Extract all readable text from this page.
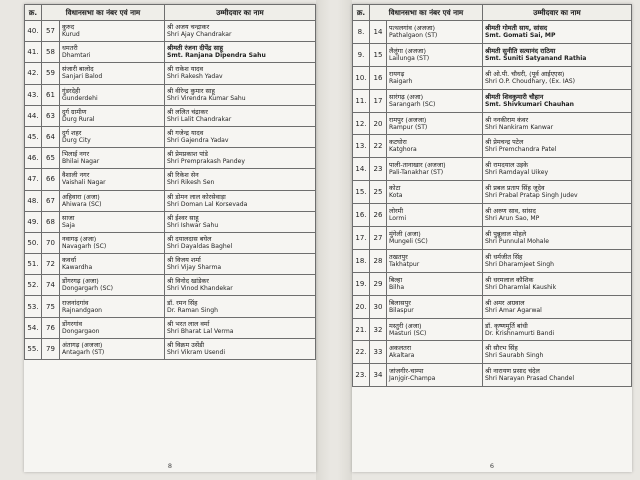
क्र.	विधानसभा का नंबर एवं नाम		उम्मीदवार का नाम
40.	57	कुरुद
Kurud	श्री अजय चन्द्राकर
Shri Ajay Chandrakar

41.	58	धमतरी
Dhamtari	श्रीमती रंजना दीपेंद्र साहू
Smt. Ranjana Dipendra Sahu

42.	59	संजारी बालोद
Sanjari Balod	श्री राकेश यादव
Shri Rakesh Yadav

43.	61	गुंडरदेही
Gunderdehi	श्री वीरेन्द्र कुमार साहू
Shri Virendra Kumar Sahu

44.	63	दुर्ग ग्रामीण
Durg Rural	श्री ललित चंद्राकर
Shri Lalit Chandrakar

45.	64	दुर्ग शहर
Durg City	श्री गजेन्द्र यादव
Shri Gajendra Yadav

46.	65	भिलाई नगर
Bhilai Nagar	श्री प्रेमप्रकाश पांडे
Shri Premprakash Pandey

47.	66	वैशाली नगर
Vaishali Nagar	श्री रिकेश सेन
Shri Rikesh Sen

48.	67	अहिवारा (अजा)
Ahiwara (SC)	श्री डोमन लाल कोरसेवाड़ा
Shri Doman Lal Korsevada

49.	68	साजा
Saja	श्री ईश्वर साहू
Shri Ishwar Sahu

50.	70	नवागढ़ (अजा)
Navagarh (SC)	श्री दयालदास बघेल
Shri Dayaldas Baghel

51.	72	कवर्धा
Kawardha	श्री विजय शर्मा
Shri Vijay Sharma

52.	74	डोंगरगढ़ (अजा)
Dongargarh (SC)	श्री विनोद खांडेकर
Shri Vinod Khandekar

53.	75	राजनांदगांव
Rajnandgaon	डॉ. रमन सिंह
Dr. Raman Singh

54.	76	डोंगरगांव
Dongargaon	श्री भरत लाल वर्मा
Shri Bharat Lal Verma

55.	79	अंतागढ़ (अजजा)
Antagarh (ST)	श्री विक्रम उसेंडी
Shri Vikram Usendi
8
क्र.	विधानसभा का नंबर एवं नाम		उम्मीदवार का नाम
8.	14	पत्थलगांव (अजजा)
Pathalgaon (ST)	श्रीमती गोमती साय, सांसद
Smt. Gomati Sai, MP

9.	15	लैलूंगा (अजजा)
Lailunga (ST)	श्रीमती सुनीति सत्यानंद राठिया
Smt. Suniti Satyanand Rathia

10.	16	रायगढ़
Raigarh	श्री ओ.पी. चौधरी, (पूर्व आईएएस)
Shri O.P. Choudhary, (Ex. IAS)

11.	17	सारंगढ़ (अजा)
Sarangarh (SC)	श्रीमती शिवकुमारी चौहान
Smt. Shivkumari Chauhan

12.	20	रामपुर (अजजा)
Rampur (ST)	श्री ननकीराम कंवर
Shri Nankiram Kanwar

13.	22	कटघोरा
Katghora	श्री प्रेमचन्द्र पटेल
Shri Premchandra Patel

14.	23	पाली-तानाखार (अजजा)
Pali-Tanakhar (ST)	श्री रामदयाल उइके
Shri Ramdayal Uikey

15.	25	कोटा
Kota	श्री प्रबल प्रताप सिंह जूदेव
Shri Prabal Pratap Singh Judev

16.	26	लोरमी
Lormi	श्री अरुण साव, सांसद
Shri Arun Sao, MP

17.	27	मुंगेली (अजा)
Mungeli (SC)	श्री पुन्नूलाल मोहले
Shri Punnulal Mohale

18.	28	तखतपुर
Takhatpur	श्री धर्मजीत सिंह
Shri Dharamjeet Singh

19.	29	बिल्हा
Bilha	श्री धरमलाल कौशिक
Shri Dharamlal Kaushik

20.	30	बिलासपुर
Bilaspur	श्री अमर अग्रवाल
Shri Amar Agarwal

21.	32	मस्तुरी (अजा)
Masturi (SC)	डॉ. कृष्णमूर्ति बांधी
Dr. Krishnamurti Bandi

22.	33	अकलतरा
Akaltara	श्री सौरभ सिंह
Shri Saurabh Singh

23.	34	जांजगीर-चाम्पा
Janjgir-Champa	श्री नारायण प्रसाद चंदेल
Shri Narayan Prasad Chandel
6
